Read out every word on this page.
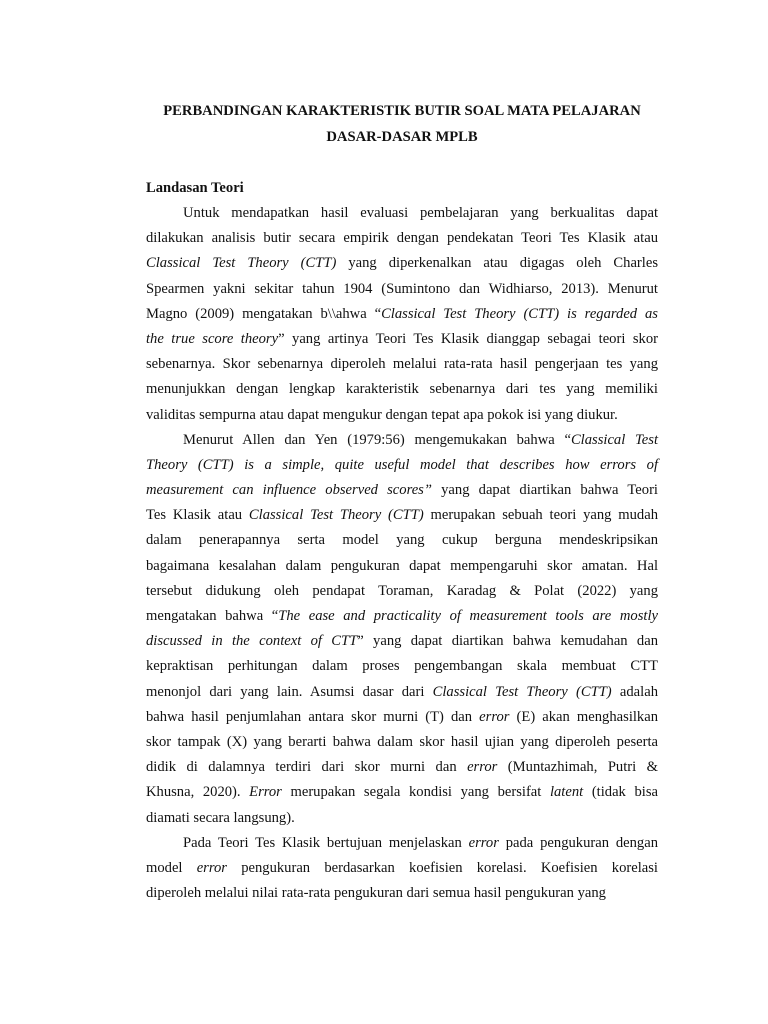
PERBANDINGAN KARAKTERISTIK BUTIR SOAL MATA PELAJARAN
DASAR-DASAR MPLB
Landasan Teori
Untuk mendapatkan hasil evaluasi pembelajaran yang berkualitas dapat
dilakukan analisis butir secara empirik dengan pendekatan Teori Tes Klasik atau
Classical Test Theory (CTT) yang diperkenalkan atau digagas oleh Charles
Spearmen yakni sekitar tahun 1904 (Sumintono dan Widhiarso, 2013). Menurut
Magno (2009) mengatakan b\\ahwa “Classical Test Theory (CTT) is regarded as
the true score theory” yang artinya Teori Tes Klasik dianggap sebagai teori skor
sebenarnya. Skor sebenarnya diperoleh melalui rata-rata hasil pengerjaan tes yang
menunjukkan dengan lengkap karakteristik sebenarnya dari tes yang memiliki
validitas sempurna atau dapat mengukur dengan tepat apa pokok isi yang diukur.
Menurut Allen dan Yen (1979:56) mengemukakan bahwa “Classical Test
Theory (CTT) is a simple, quite useful model that describes how errors of
measurement can influence observed scores” yang dapat diartikan bahwa Teori
Tes Klasik atau Classical Test Theory (CTT) merupakan sebuah teori yang mudah
dalam penerapannya serta model yang cukup berguna mendeskripsikan
bagaimana kesalahan dalam pengukuran dapat mempengaruhi skor amatan. Hal
tersebut didukung oleh pendapat Toraman, Karadag & Polat (2022) yang
mengatakan bahwa “The ease and practicality of measurement tools are mostly
discussed in the context of CTT” yang dapat diartikan bahwa kemudahan dan
kepraktisan perhitungan dalam proses pengembangan skala membuat CTT
menonjol dari yang lain. Asumsi dasar dari Classical Test Theory (CTT) adalah
bahwa hasil penjumlahan antara skor murni (T) dan error (E) akan menghasilkan
skor tampak (X) yang berarti bahwa dalam skor hasil ujian yang diperoleh peserta
didik di dalamnya terdiri dari skor murni dan error (Muntazhimah, Putri &
Khusna, 2020). Error merupakan segala kondisi yang bersifat latent (tidak bisa
diamati secara langsung).
Pada Teori Tes Klasik bertujuan menjelaskan error pada pengukuran dengan
model error pengukuran berdasarkan koefisien korelasi. Koefisien korelasi
diperoleh melalui nilai rata-rata pengukuran dari semua hasil pengukuran yang
